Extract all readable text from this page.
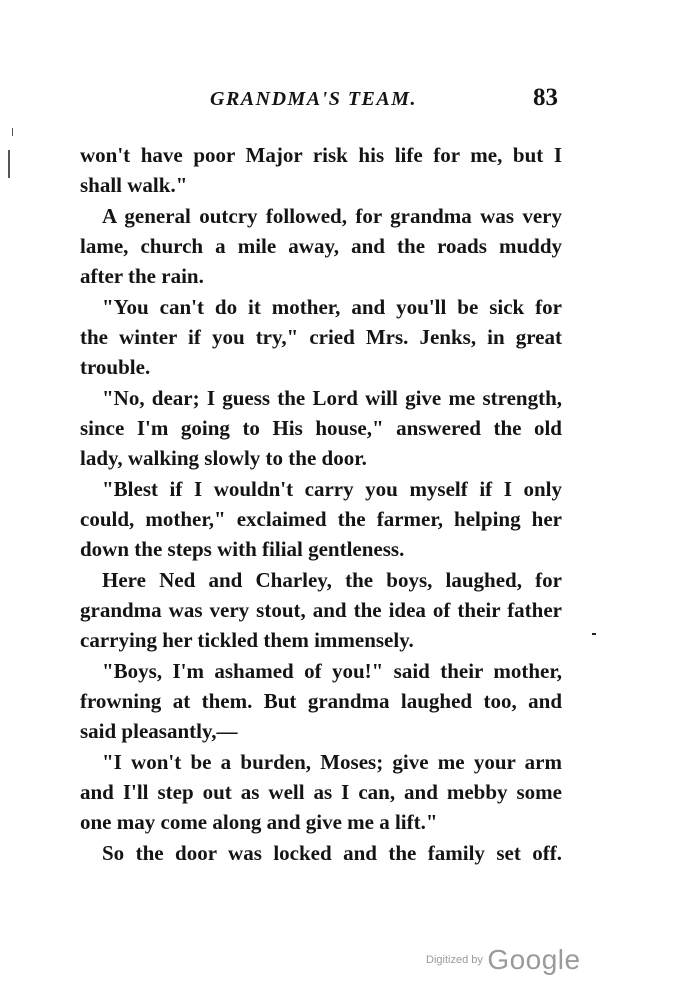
GRANDMA'S TEAM.	83
won't have poor Major risk his life for me, but I
shall walk."
A general outcry followed, for grandma was very
lame, church a mile away, and the roads muddy
after the rain.
"You can't do it mother, and you'll be sick for
the winter if you try," cried Mrs. Jenks, in great
trouble.
"No, dear; I guess the Lord will give me strength,
since I'm going to His house," answered the old
lady, walking slowly to the door.
"Blest if I wouldn't carry you myself if I only
could, mother," exclaimed the farmer, helping her
down the steps with filial gentleness.
Here Ned and Charley, the boys, laughed, for
grandma was very stout, and the idea of their father
carrying her tickled them immensely.
"Boys, I'm ashamed of you!" said their mother,
frowning at them. But grandma laughed too, and
said pleasantly,—
"I won't be a burden, Moses; give me your arm
and I'll step out as well as I can, and mebby some
one may come along and give me a lift."
So the door was locked and the family set off.
Digitized by Google
